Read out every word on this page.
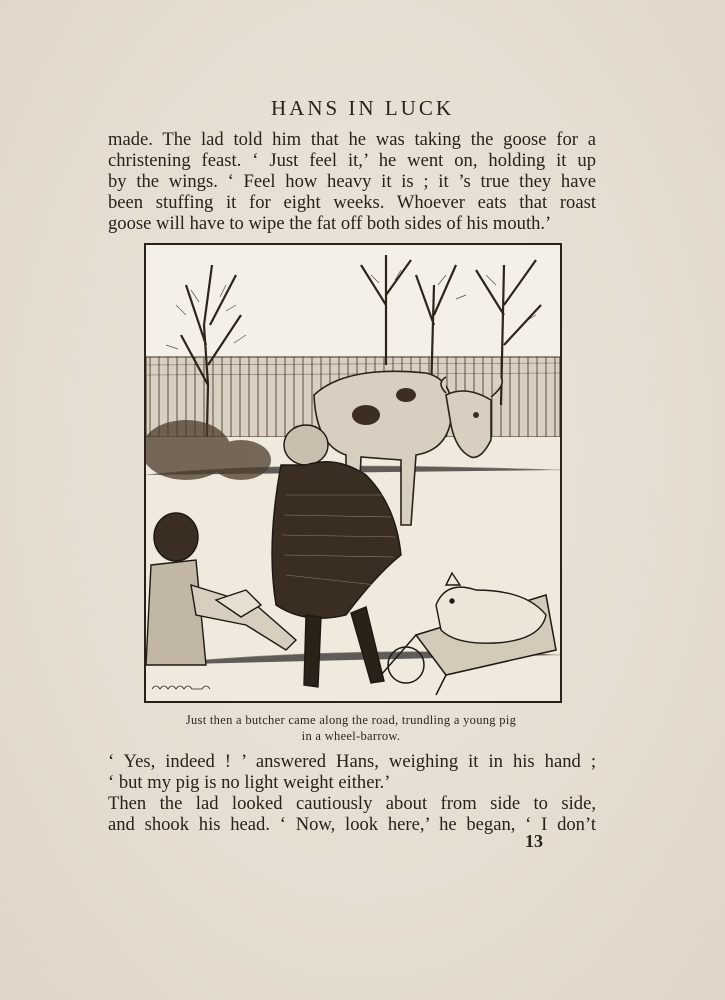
HANS IN LUCK

made. The lad told him that he was taking the goose for a
christening feast. ‘ Just feel it,’ he went on, holding it up
by the wings. ‘ Feel how heavy it is ; it ’s true they have
been stuffing it for eight weeks. Whoever eats that roast
goose will have to wipe the fat off both sides of his mouth.’

Just then a butcher came along the road, trundling a young pig
in a wheel-barrow.

‘ Yes, indeed ! ’ answered Hans, weighing it in his hand ;
‘ but my pig is no light weight either.’

Then the lad looked cautiously about from side to side,
and shook his head. ‘ Now, look here,’ he began, ‘ I don’t

13
